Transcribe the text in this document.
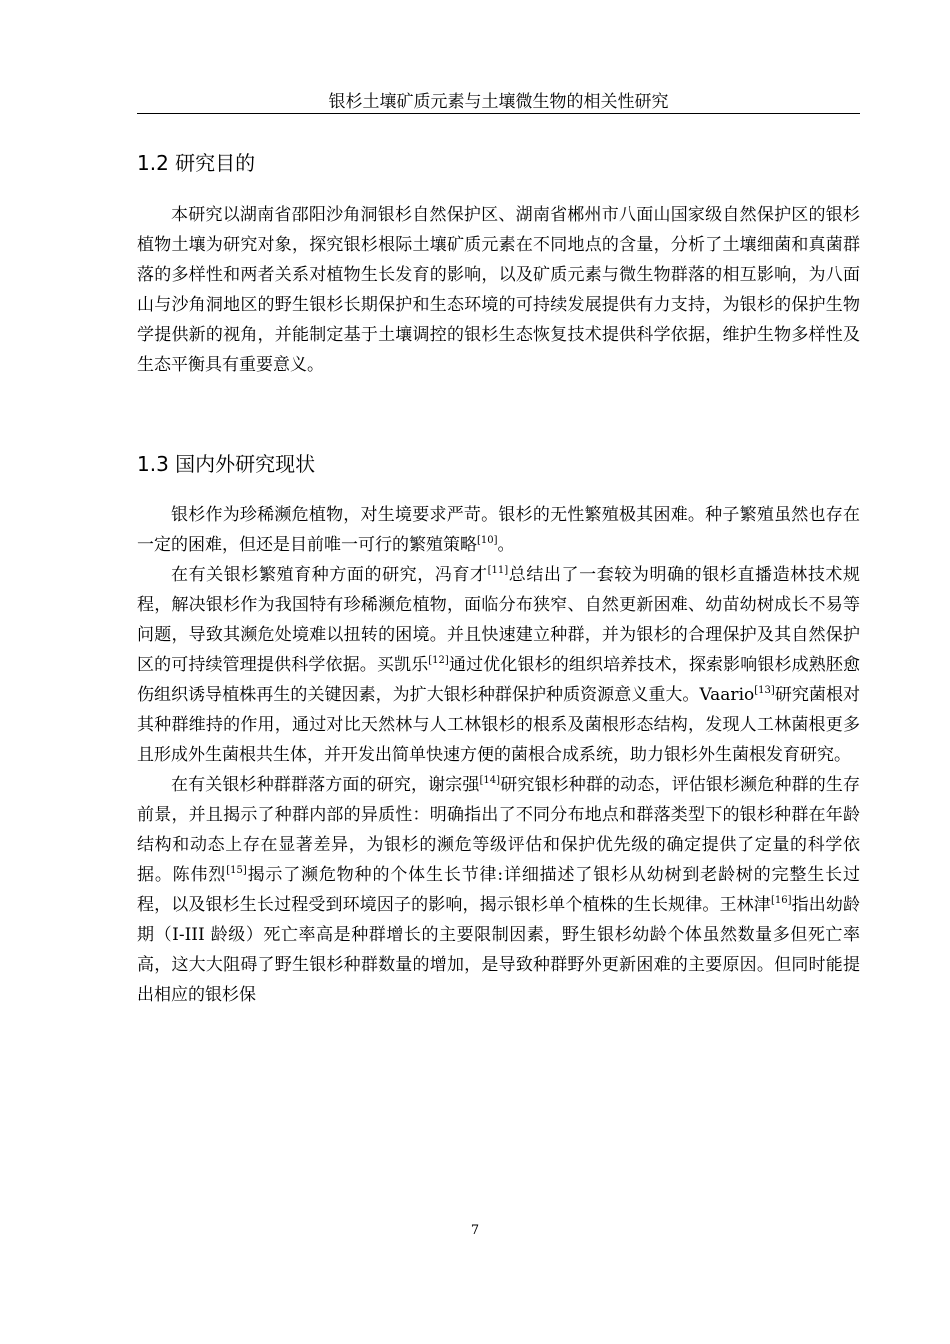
银杉土壤矿质元素与土壤微生物的相关性研究
1.2 研究目的

本研究以湖南省邵阳沙角洞银杉自然保护区、湖南省郴州市八面山国家级自然保护区的银杉植物土壤为研究对象，探究银杉根际土壤矿质元素在不同地点的含量，分析了土壤细菌和真菌群落的多样性和两者关系对植物生长发育的影响，以及矿质元素与微生物群落的相互影响，为八面山与沙角洞地区的野生银杉长期保护和生态环境的可持续发展提供有力支持，为银杉的保护生物学提供新的视角，并能制定基于土壤调控的银杉生态恢复技术提供科学依据，维护生物多样性及生态平衡具有重要意义。

1.3 国内外研究现状

银杉作为珍稀濒危植物，对生境要求严苛。银杉的无性繁殖极其困难。种子繁殖虽然也存在一定的困难，但还是目前唯一可行的繁殖策略[10]。

在有关银杉繁殖育种方面的研究，冯育才[11]总结出了一套较为明确的银杉直播造林技术规程，解决银杉作为我国特有珍稀濒危植物，面临分布狭窄、自然更新困难、幼苗幼树成长不易等问题，导致其濒危处境难以扭转的困境。并且快速建立种群，并为银杉的合理保护及其自然保护区的可持续管理提供科学依据。买凯乐[12]通过优化银杉的组织培养技术，探索影响银杉成熟胚愈伤组织诱导植株再生的关键因素，为扩大银杉种群保护种质资源意义重大。Vaario[13]研究菌根对其种群维持的作用，通过对比天然林与人工林银杉的根系及菌根形态结构，发现人工林菌根更多且形成外生菌根共生体，并开发出简单快速方便的菌根合成系统，助力银杉外生菌根发育研究。

在有关银杉种群群落方面的研究，谢宗强[14]研究银杉种群的动态，评估银杉濒危种群的生存前景，并且揭示了种群内部的异质性：明确指出了不同分布地点和群落类型下的银杉种群在年龄结构和动态上存在显著差异，为银杉的濒危等级评估和保护优先级的确定提供了定量的科学依据。陈伟烈[15]揭示了濒危物种的个体生长节律:详细描述了银杉从幼树到老龄树的完整生长过程，以及银杉生长过程受到环境因子的影响，揭示银杉单个植株的生长规律。王林津[16]指出幼龄期（I-III 龄级）死亡率高是种群增长的主要限制因素，野生银杉幼龄个体虽然数量多但死亡率高，这大大阻碍了野生银杉种群数量的增加，是导致种群野外更新困难的主要原因。但同时能提出相应的银杉保

7
